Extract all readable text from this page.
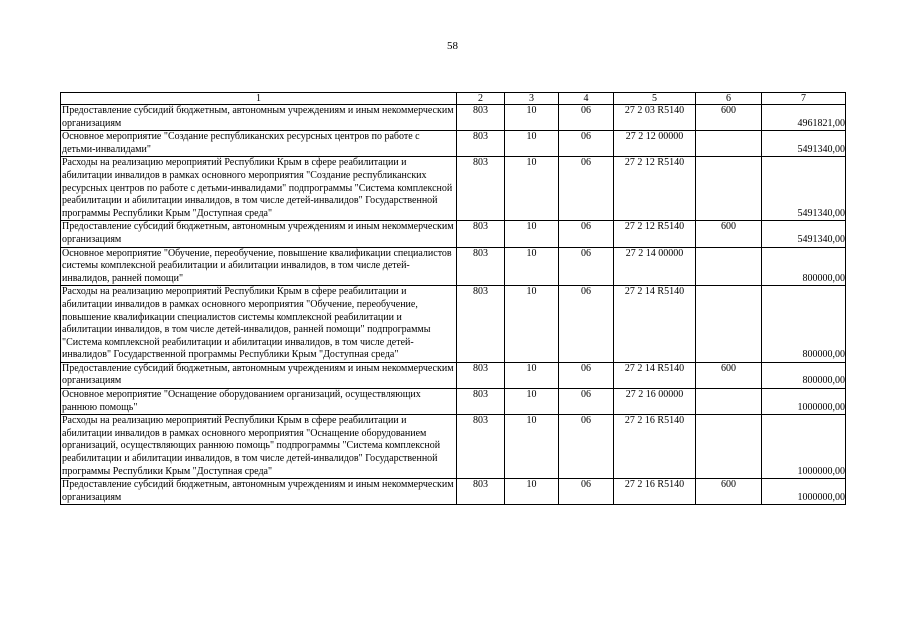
58
1	2	3	4	5	6	7
Предоставление субсидий бюджетным, автономным учреждениям и иным некоммерческим организациям	803	10	06	27 2 03 R5140	600	4961821,00
Основное мероприятие "Создание республиканских ресурсных центров по работе с детьми-инвалидами"	803	10	06	27 2 12 00000		5491340,00
Расходы на реализацию мероприятий Республики Крым в сфере реабилитации и абилитации инвалидов в рамках основного мероприятия "Создание республиканских ресурсных центров по работе с детьми-инвалидами" подпрограммы "Система комплексной реабилитации и абилитации инвалидов, в том числе детей-инвалидов" Государственной программы Республики Крым "Доступная среда"	803	10	06	27 2 12 R5140		5491340,00
Предоставление субсидий бюджетным, автономным учреждениям и иным некоммерческим организациям	803	10	06	27 2 12 R5140	600	5491340,00
Основное мероприятие "Обучение, переобучение, повышение квалификации специалистов системы комплексной реабилитации и абилитации инвалидов, в том числе детей-инвалидов, ранней помощи"	803	10	06	27 2 14 00000		800000,00
Расходы на реализацию мероприятий Республики Крым в сфере реабилитации и абилитации инвалидов в рамках основного мероприятия "Обучение, переобучение, повышение квалификации специалистов системы комплексной реабилитации и абилитации инвалидов, в том числе детей-инвалидов, ранней помощи" подпрограммы "Система комплексной реабилитации и абилитации инвалидов, в том числе детей-инвалидов" Государственной программы Республики Крым "Доступная среда"	803	10	06	27 2 14 R5140		800000,00
Предоставление субсидий бюджетным, автономным учреждениям и иным некоммерческим организациям	803	10	06	27 2 14 R5140	600	800000,00
Основное мероприятие "Оснащение оборудованием организаций, осуществляющих раннюю помощь"	803	10	06	27 2 16 00000		1000000,00
Расходы на реализацию мероприятий Республики Крым в сфере реабилитации и абилитации инвалидов в рамках основного мероприятия "Оснащение оборудованием организаций, осуществляющих раннюю помощь" подпрограммы "Система комплексной реабилитации и абилитации инвалидов, в том числе детей-инвалидов" Государственной программы Республики Крым "Доступная среда"	803	10	06	27 2 16 R5140		1000000,00
Предоставление субсидий бюджетным, автономным учреждениям и иным некоммерческим организациям	803	10	06	27 2 16 R5140	600	1000000,00
